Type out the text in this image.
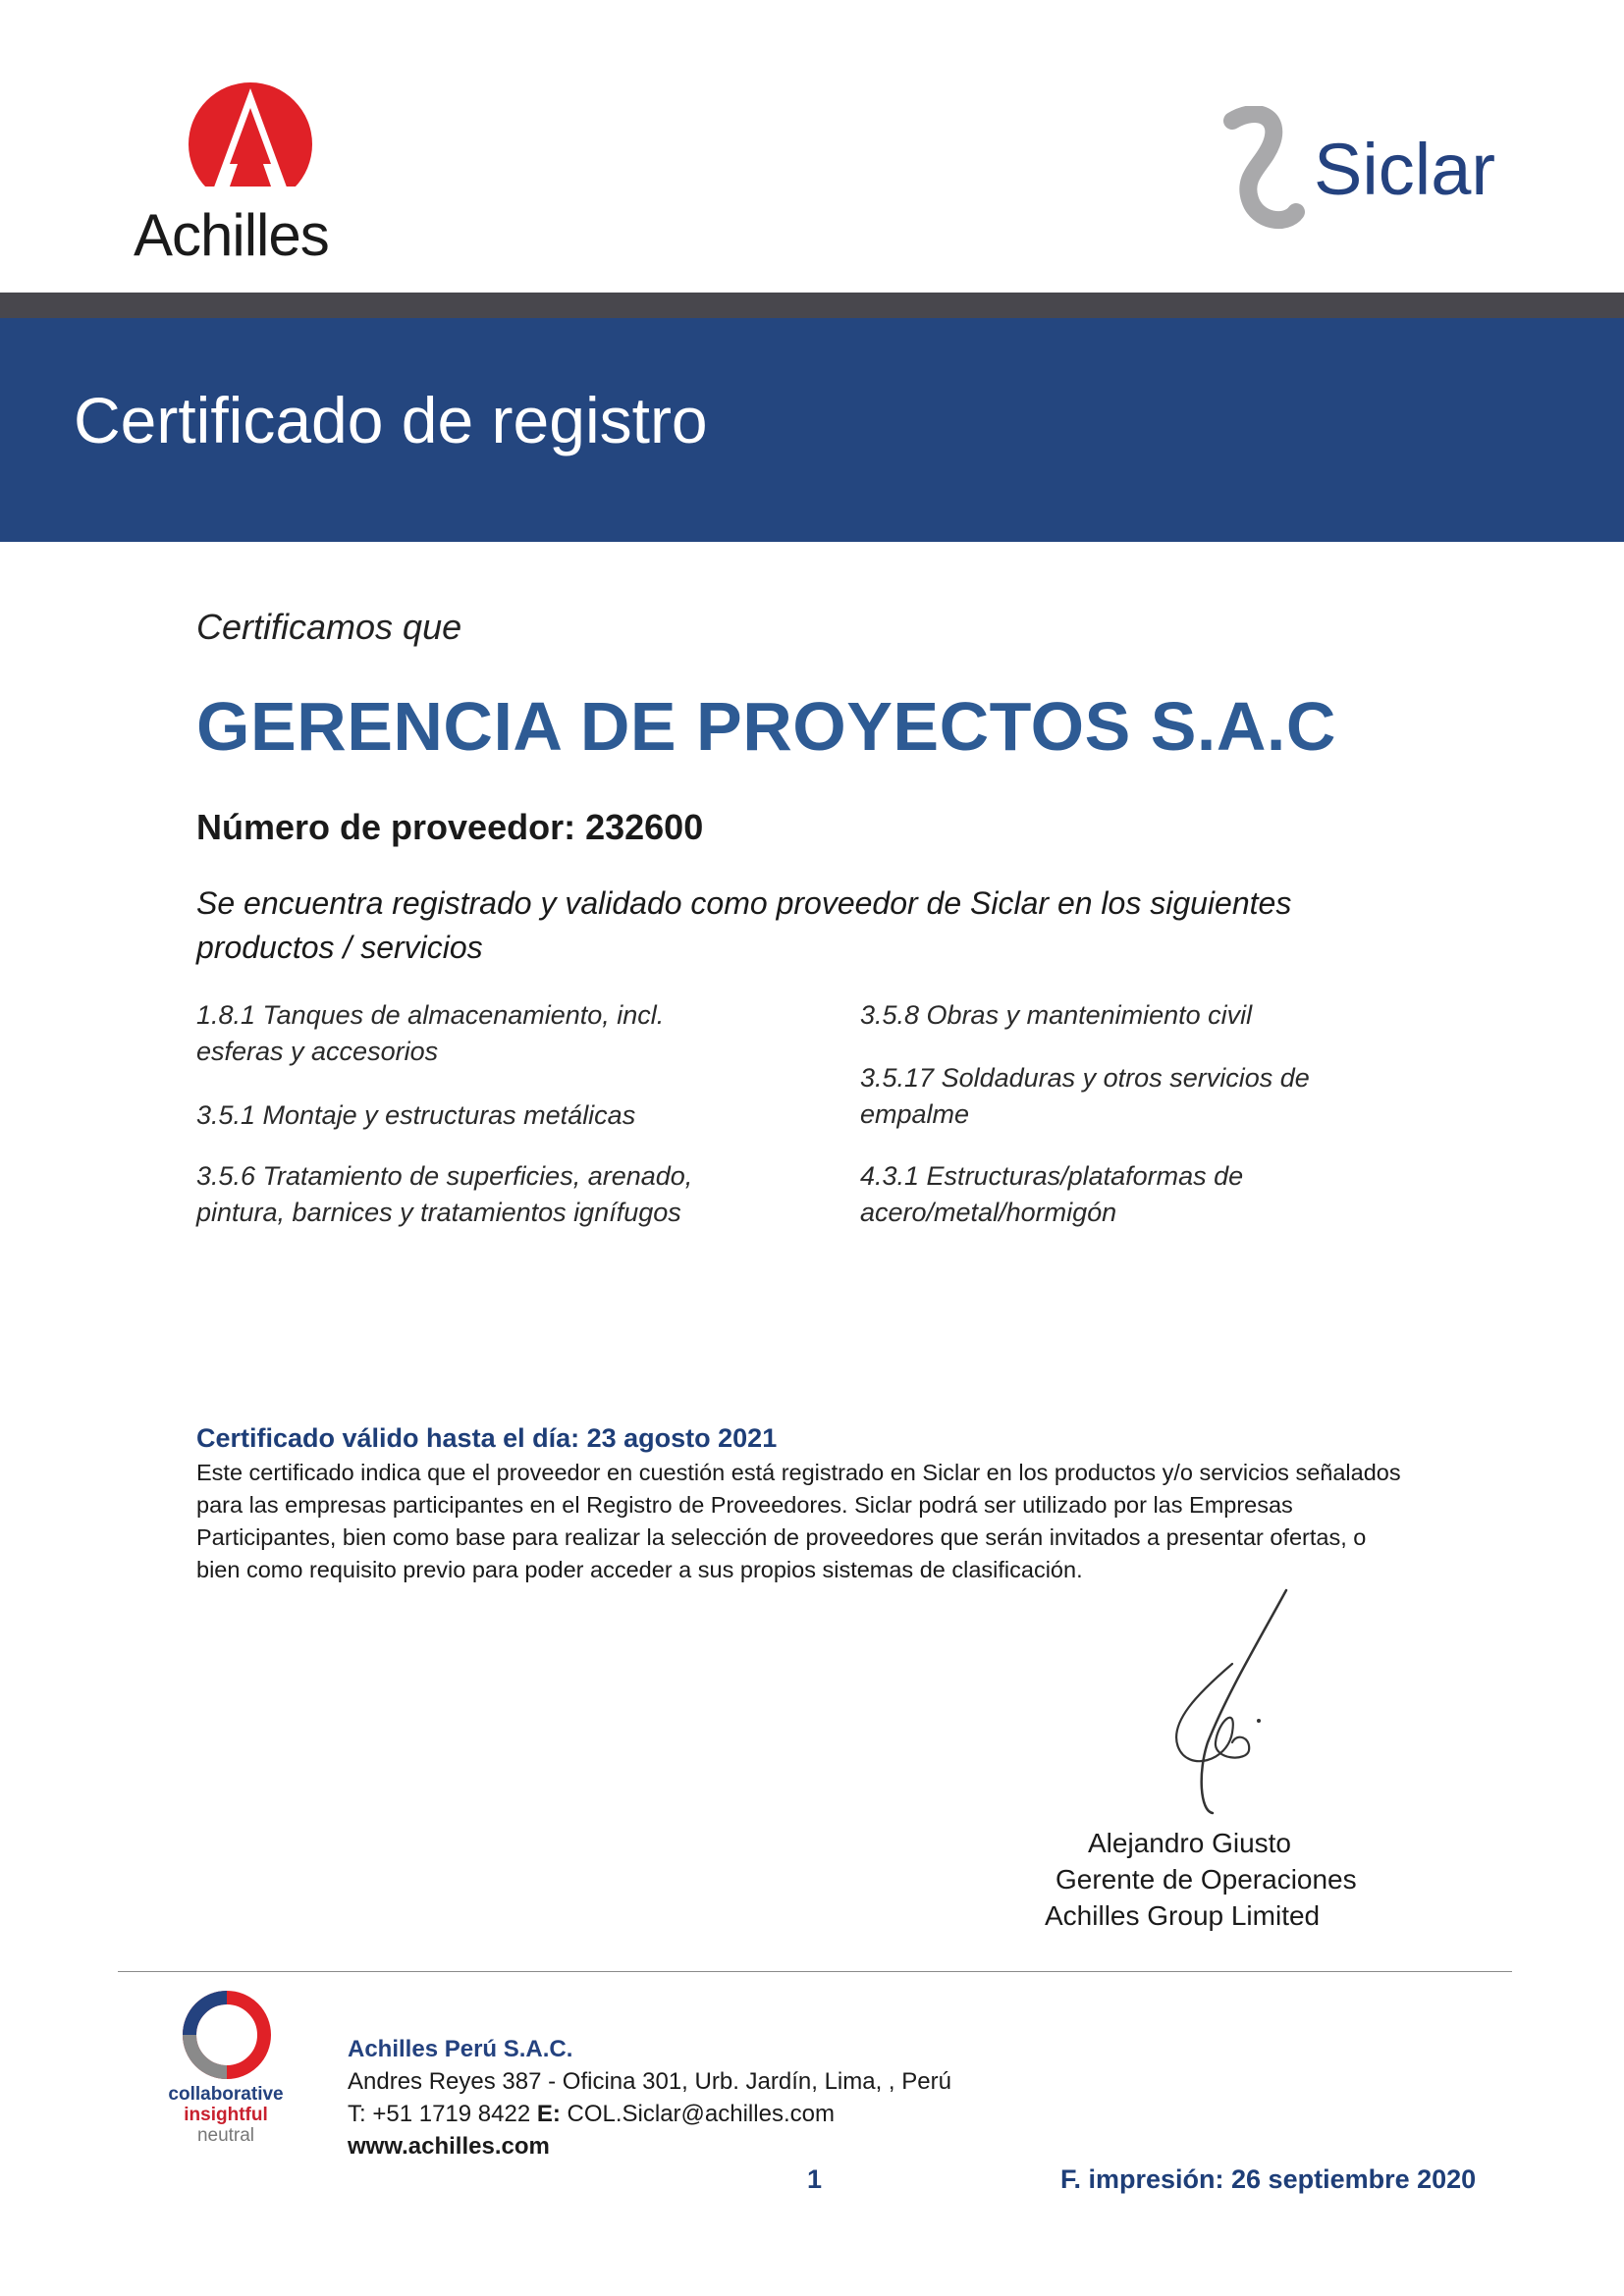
Achilles
Siclar
Certificado de registro
Certificamos que
GERENCIA DE PROYECTOS S.A.C
Número de proveedor: 232600
Se encuentra registrado y validado como proveedor de Siclar en los siguientes productos / servicios
1.8.1 Tanques de almacenamiento, incl. esferas y accesorios
3.5.1 Montaje y estructuras metálicas
3.5.6 Tratamiento de superficies, arenado, pintura, barnices y tratamientos ignífugos
3.5.8 Obras y mantenimiento civil
3.5.17 Soldaduras y otros servicios de empalme
4.3.1 Estructuras/plataformas de acero/metal/hormigón
Certificado válido hasta el día: 23 agosto 2021
Este certificado indica que el proveedor en cuestión está registrado en Siclar en los productos y/o servicios señalados para las empresas participantes en el Registro de Proveedores. Siclar podrá ser utilizado por las Empresas Participantes, bien como base para realizar la selección de proveedores que serán invitados a presentar ofertas, o bien como requisito previo para poder acceder a sus propios sistemas de clasificación.
Alejandro Giusto
Gerente de Operaciones
Achilles Group Limited
collaborative
insightful
neutral
Achilles Perú S.A.C.
Andres Reyes 387 - Oficina 301, Urb. Jardín, Lima, , Perú
T: +51 1719 8422 E: COL.Siclar@achilles.com
www.achilles.com
1	F. impresión: 26 septiembre 2020
